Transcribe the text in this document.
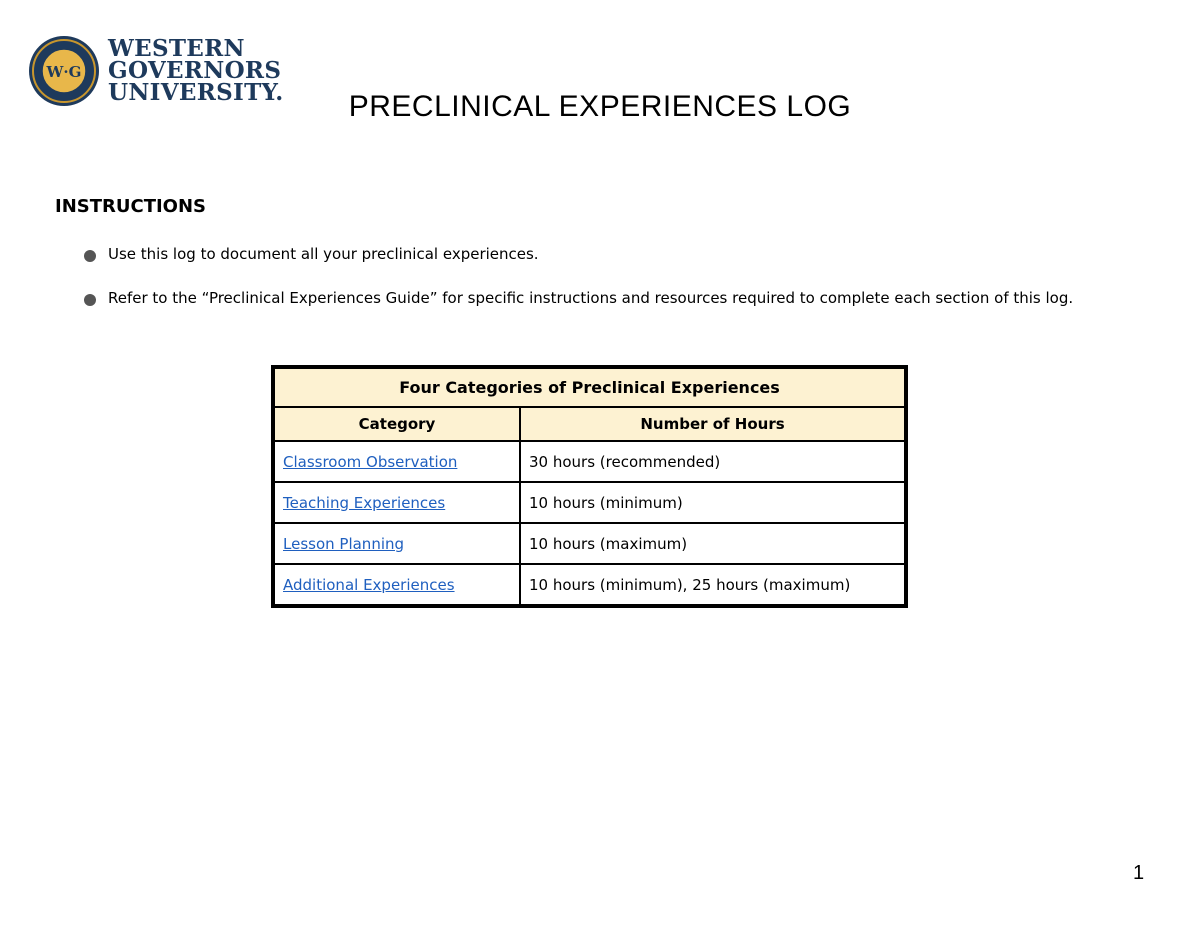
W·G
WESTERN
GOVERNORS
UNIVERSITY.	PRECLINICAL EXPERIENCES LOG
INSTRUCTIONS
Use this log to document all your preclinical experiences.
Refer to the “Preclinical Experiences Guide” for specific instructions and resources required to complete each section of this log.
Four Categories of Preclinical Experiences	
Category	Number of Hours
Classroom Observation	30 hours (recommended)
Teaching Experiences	10 hours (minimum)
Lesson Planning	10 hours (maximum)
Additional Experiences	10 hours (minimum), 25 hours (maximum)
1
